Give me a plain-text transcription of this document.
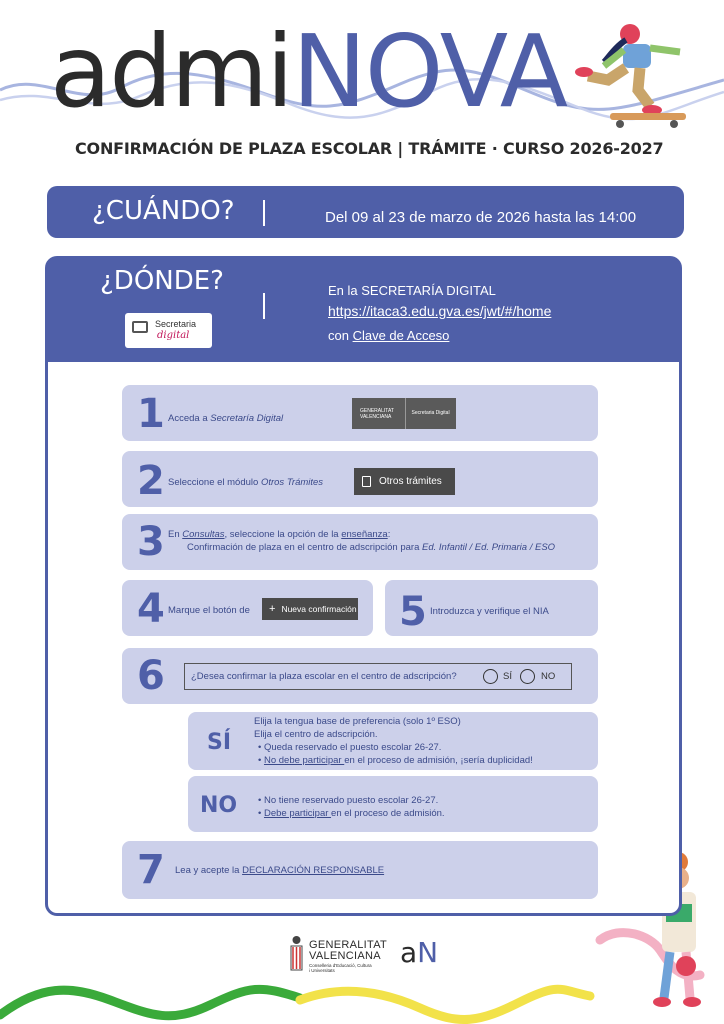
admiNOVA
CONFIRMACIÓN DE PLAZA ESCOLAR | TRÁMITE · CURSO 2026-2027
¿CUÁNDO?	Del 09 al 23 de marzo de 2026 hasta las 14:00
¿DÓNDE?
Secretaria
digital
En la SECRETARÍA DIGITAL
https://itaca3.edu.gva.es/jwt/#/home
con Clave de Acceso
1 Acceda a Secretaría Digital
GENERALITAT VALENCIANA
Secretaria Digital
2 Seleccione el módulo Otros Trámites	Otros trámites
3 En Consultas, seleccione la opción de la enseñanza:
Confirmación de plaza en el centro de adscripción para Ed. Infantil / Ed. Primaria / ESO
4 Marque el botón de + Nueva confirmación 5 Introduzca y verifique el NIA
6	¿Desea confirmar la plaza escolar en el centro de adscripción?	SÍ	NO
SÍ
Elija la tengua base de preferencia (solo 1º ESO)
Elija el centro de adscripción.
• Queda reservado el puesto escolar 26-27.
• No debe participar en el proceso de admisión, ¡sería duplicidad!
NO
•	No tiene reservado puesto escolar 26-27.
• Debe participar en el proceso de admisión.
7 Lea y acepte la DECLARACIÓN RESPONSABLE
GENERALITAT
VALENCIANA
Conselleria d'Educació, Cultura
i Universitats
aN
